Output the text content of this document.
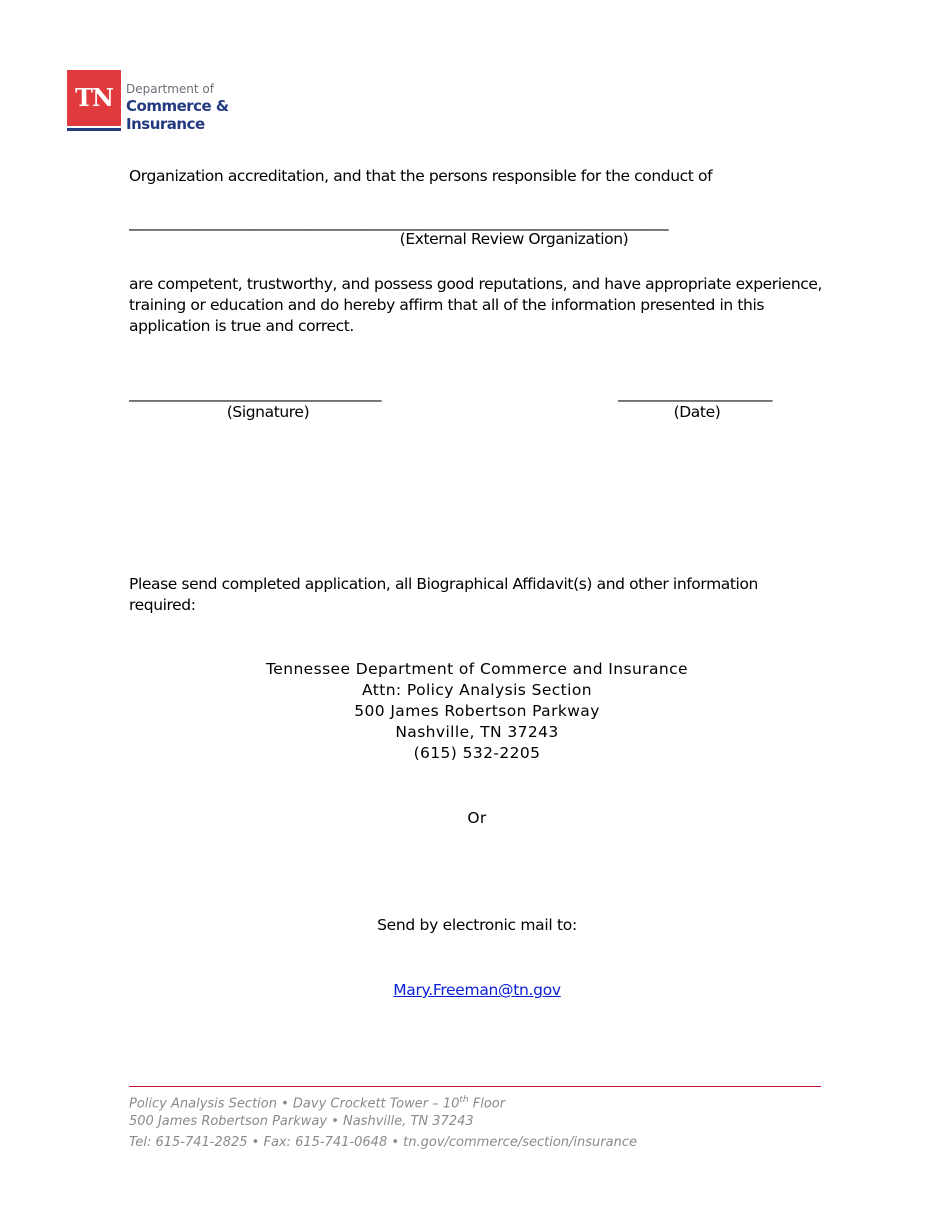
TN	Department of
Commerce &
Insurance
Organization accreditation, and that the persons responsible for the conduct of
_____________________________________________________________________________
(External Review Organization)
are competent, trustworthy, and possess good reputations, and have appropriate experience, training or education and do hereby affirm that all of the information presented in this application is true and correct.
____________________________________
(Signature)
______________________
(Date)
Please send completed application, all Biographical Affidavit(s) and other information required:
Tennessee Department of Commerce and Insurance
Attn: Policy Analysis Section
500 James Robertson Parkway
Nashville, TN 37243
(615) 532-2205
Or
Send by electronic mail to:
Mary.Freeman@tn.gov
Policy Analysis Section • Davy Crockett Tower – 10th Floor
500 James Robertson Parkway • Nashville, TN 37243
Tel: 615-741-2825 • Fax: 615-741-0648 • tn.gov/commerce/section/insurance
